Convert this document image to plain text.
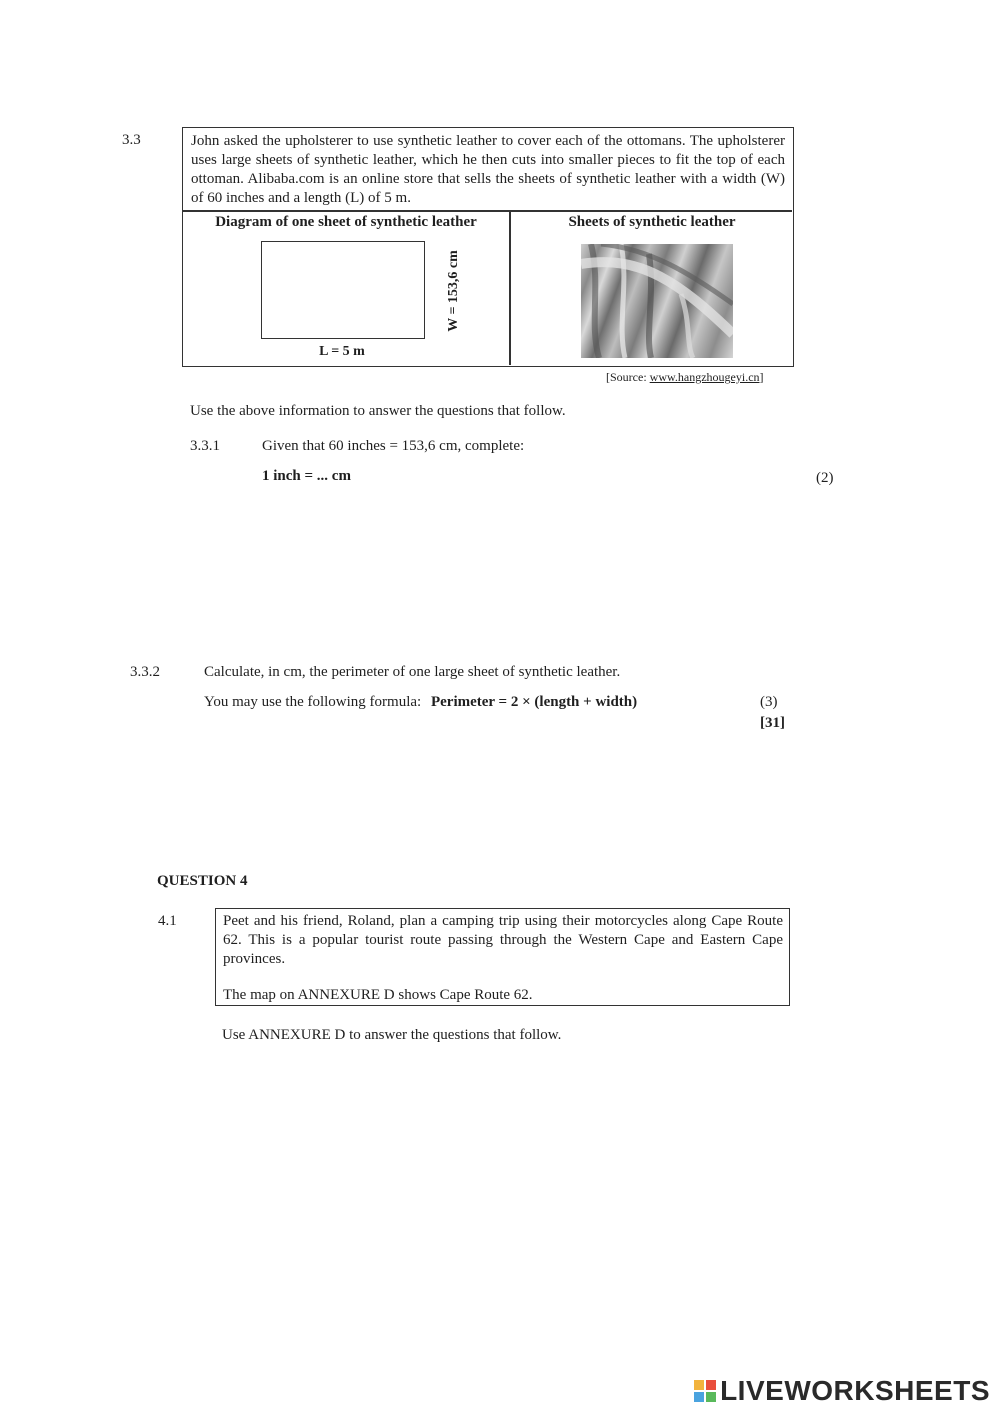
3.3	John asked the upholsterer to use synthetic leather to cover each of the ottomans. The upholsterer uses large sheets of synthetic leather, which he then cuts into smaller pieces to fit the top of each ottoman. Alibaba.com is an online store that sells the sheets of synthetic leather with a width (W) of 60 inches and a length (L) of 5 m.
Diagram of one sheet of synthetic leather
W = 153,6 cm
L = 5 m
Sheets of synthetic leather
[Source: www.hangzhougeyi.cn]
Use the above information to answer the questions that follow.
3.3.1	Given that 60 inches = 153,6 cm, complete:
1 inch = ... cm	(2)
3.3.2	Calculate, in cm, the perimeter of one large sheet of synthetic leather.
You may use the following formula: Perimeter = 2 × (length + width)	(3)
[31]
QUESTION 4
4.1	Peet and his friend, Roland, plan a camping trip using their motorcycles along Cape Route 62. This is a popular tourist route passing through the Western Cape and Eastern Cape provinces.
The map on ANNEXURE D shows Cape Route 62.
Use ANNEXURE D to answer the questions that follow.
LIVEWORKSHEETS
